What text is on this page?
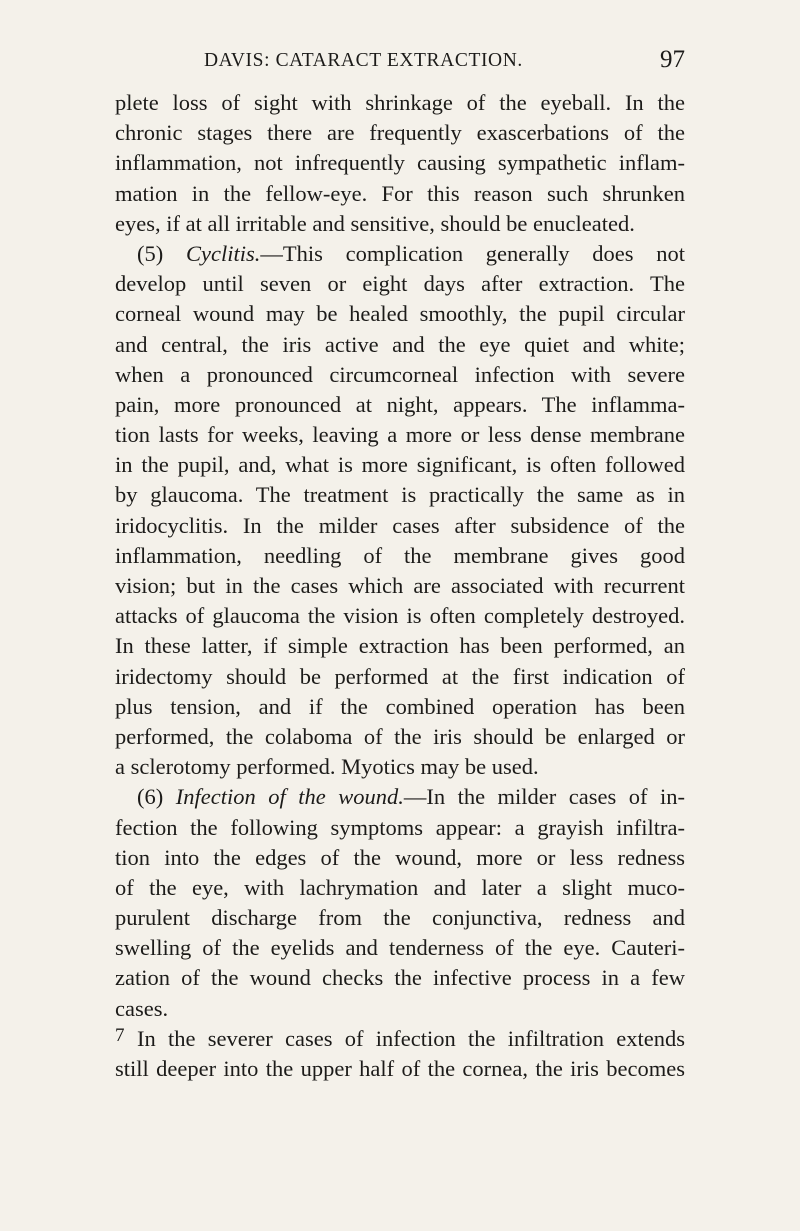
DAVIS: CATARACT EXTRACTION.	97
plete loss of sight with shrinkage of the eyeball. In the
chronic stages there are frequently exascerbations of the
inflammation, not infrequently causing sympathetic inflam-
mation in the fellow-eye. For this reason such shrunken
eyes, if at all irritable and sensitive, should be enucleated.
(5) Cyclitis.—This complication generally does not
develop until seven or eight days after extraction. The
corneal wound may be healed smoothly, the pupil circular
and central, the iris active and the eye quiet and white;
when a pronounced circumcorneal infection with severe
pain, more pronounced at night, appears. The inflamma-
tion lasts for weeks, leaving a more or less dense membrane
in the pupil, and, what is more significant, is often followed
by glaucoma. The treatment is practically the same as in
iridocyclitis. In the milder cases after subsidence of the
inflammation, needling of the membrane gives good
vision; but in the cases which are associated with recurrent
attacks of glaucoma the vision is often completely destroyed.
In these latter, if simple extraction has been performed, an
iridectomy should be performed at the first indication of
plus tension, and if the combined operation has been
performed, the colaboma of the iris should be enlarged or
a sclerotomy performed. Myotics may be used.
(6) Infection of the wound.—In the milder cases of in-
fection the following symptoms appear: a grayish infiltra-
tion into the edges of the wound, more or less redness
of the eye, with lachrymation and later a slight muco-
purulent discharge from the conjunctiva, redness and
swelling of the eyelids and tenderness of the eye. Cauteri-
zation of the wound checks the infective process in a few
cases.
In the severer cases of infection the infiltration extends
still deeper into the upper half of the cornea, the iris becomes
7
